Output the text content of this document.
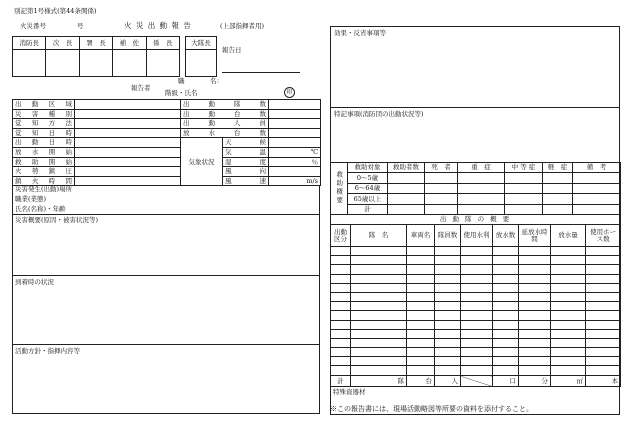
別記第1号様式(第44条関係)
火災番号	号	火 災 出 動 報 告	(上部指揮者用)
消防長	次　長	署　長	補　佐	係　長
					大隊長

報告日
報告者
職	名：
階級・氏名	印
出 動 区 域		出 動 隊 数		
災 害 種 別		出 動 台 数		
覚 知 方 法		出 動 人 員		
覚 知 日 時		放 水 台 数		
出 動 日 時		気象状況	天候	
放 水 開 始			気温	℃
救 助 開 始			湿度	％
火 勢 鎮 圧			風向	
鎮 火 時 間			風速	m/s
災害発生(出動)場所
職業(業態)
氏名(名称)・年齢
災害概要(原因・被害状況等)
到着時の状況
活動方針・指揮内容等
効果・反省事項等
特記事項(消防団の出動状況等)
救助概要	救助対象	救助者数	死　者	重　症	中 等 症	軽　症	備　考
	0〜5歳						
	6〜64歳						
	65歳以上						
	計						
出 動 隊 の 概 要								
出動区分	隊　名	車両名	隊員数	使用水利	放水数	延放水時間	放水量	使用ホース数

計	隊	台	人		口	分	㎥	本
特殊資器材
※この報告書には、現場活動略図等所要の資料を添付すること。
